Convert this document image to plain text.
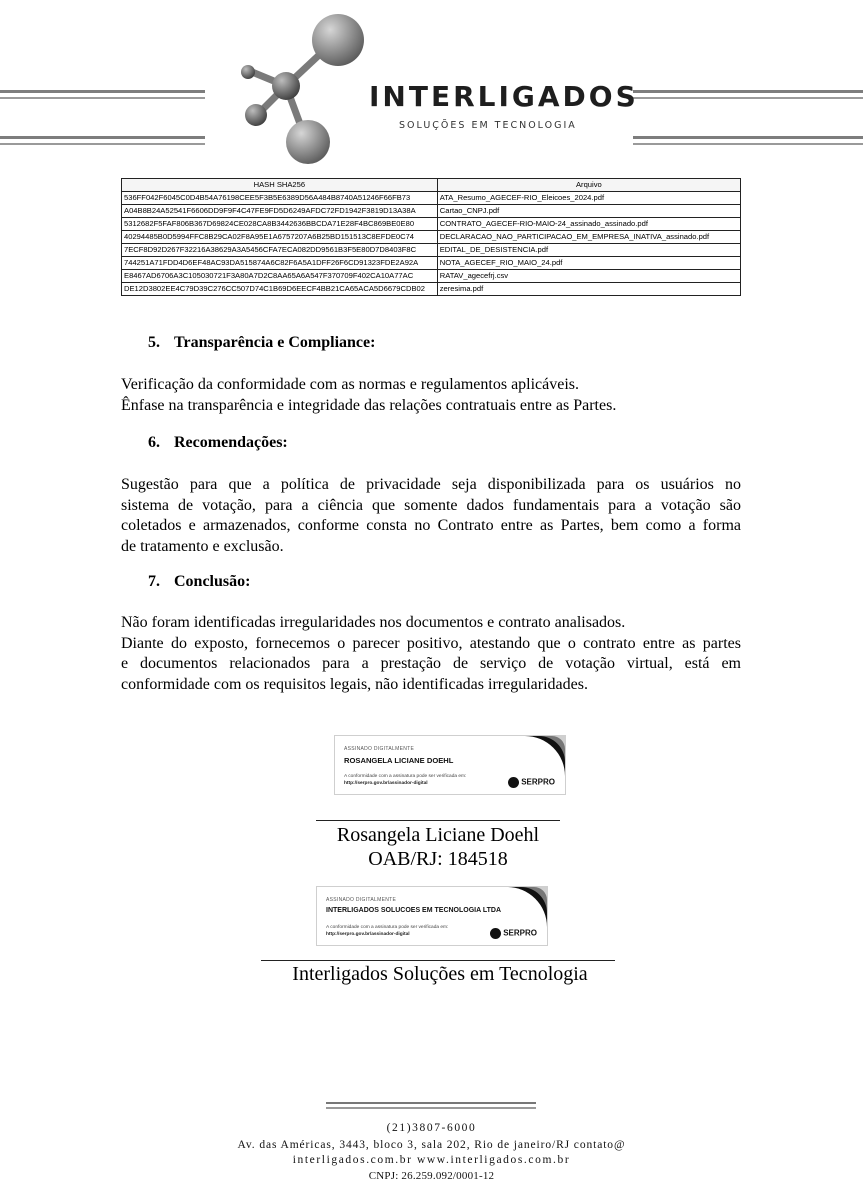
INTERLIGADOS
SOLUÇÕES EM TECNOLOGIA
HASH SHA256	Arquivo
536FF042F6045C0D4B54A76198CEE5F3B5E6389D56A484B8740A51246F66FB73	ATA_Resumo_AGECEF-RIO_Eleicoes_2024.pdf
A04B8B24A52541F6606DD9F9F4C47FE9FD5D6249AFDC72FD1942F3819D13A38A	Cartao_CNPJ.pdf
5312682F5FAF806B367D69824CE028CA8B3442636BBCDA71E28F4BC869BE0E80	CONTRATO_AGECEF-RIO-MAIO-24_assinado_assinado.pdf
40294485B0D5994FFC8B29CA02F8A95E1A6757207A6B25BD151513C8EFDE0C74	DECLARACAO_NAO_PARTICIPACAO_EM_EMPRESA_INATIVA_assinado.pdf
7ECF8D92D267F32216A38629A3A5456CFA7ECA082DD9561B3F5E80D7D8403F8C	EDITAL_DE_DESISTENCIA.pdf
744251A71FDD4D6EF48AC93DA515874A6C82F6A5A1DFF26F6CD91323FDE2A92A	NOTA_AGECEF_RIO_MAIO_24.pdf
E8467AD6706A3C105030721F3A80A7D2C8AA65A6A547F370709F402CA10A77AC	RATAV_agecefrj.csv
DE12D3802EE4C79D39C276CC507D74C1B69D6EECF4BB21CA65ACA5D6679CDB02	zeresima.pdf
5. Transparência e Compliance:
Verificação da conformidade com as normas e regulamentos aplicáveis.
Ênfase na transparência e integridade das relações contratuais entre as Partes.
6. Recomendações:
Sugestão para que a política de privacidade seja disponibilizada para os usuários no
sistema de votação, para a ciência que somente dados fundamentais para a votação são
coletados e armazenados, conforme consta no Contrato entre as Partes, bem como a forma
de tratamento e exclusão.
7. Conclusão:
Não foram identificadas irregularidades nos documentos e contrato analisados.
Diante do exposto, fornecemos o parecer positivo, atestando que o contrato entre as partes
e documentos relacionados para a prestação de serviço de votação virtual, está em
conformidade com os requisitos legais, não identificadas irregularidades.
ASSINADO DIGITALMENTE
ROSANGELA LICIANE DOEHL
A conformidade com a assinatura pode ser verificada em:
http://serpro.gov.br/assinador-digital	SERPRO
Rosangela Liciane Doehl
OAB/RJ: 184518
ASSINADO DIGITALMENTE
INTERLIGADOS SOLUCOES EM TECNOLOGIA LTDA
A conformidade com a assinatura pode ser verificada em:
http://serpro.gov.br/assinador-digital	SERPRO
Interligados Soluções em Tecnologia
(21)3807-6000
Av. das Américas, 3443, bloco 3, sala 202, Rio de janeiro/RJ contato@
interligados.com.br www.interligados.com.br
CNPJ: 26.259.092/0001-12
